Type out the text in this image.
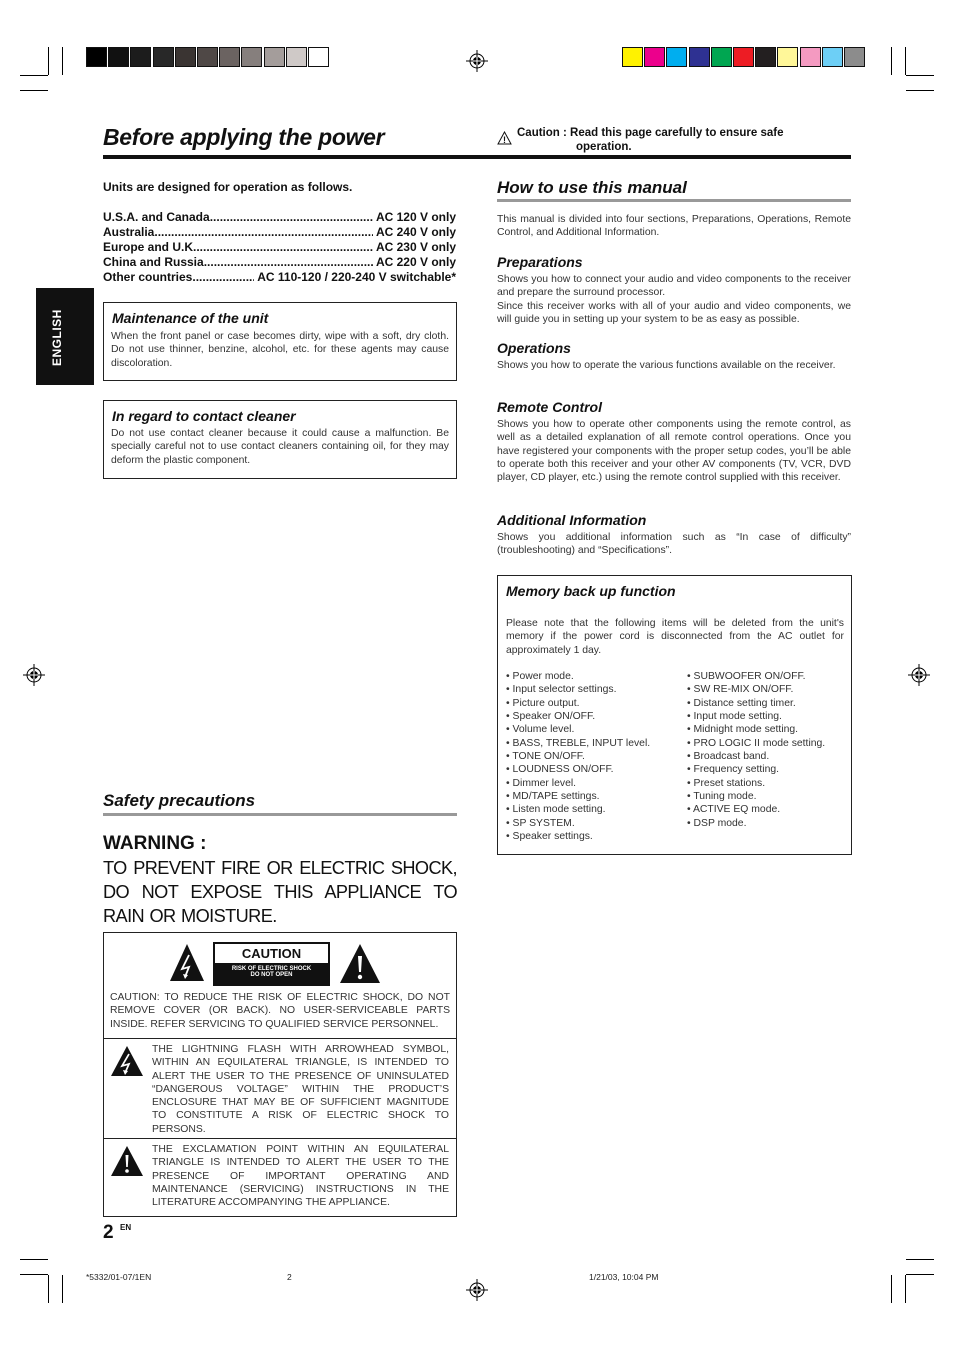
Before applying the power	!
Caution : Read this page carefully to ensure safe
operation.
ENGLISH
Units are designed for operation as follows.
U.S.A. and Canada .....	AC 120 V only
Australia .....	AC 240 V only
Europe and U.K. .....	AC 230 V only
China and Russia .....	AC 220 V only
Other countries .....	AC 110-120 / 220-240 V switchable*
Maintenance of the unit
When the front panel or case becomes dirty, wipe with a soft, dry cloth. Do not use thinner, benzine, alcohol, etc. for these agents may cause discoloration.
In regard to contact cleaner
Do not use contact cleaner because it could cause a malfunction. Be specially careful not to use contact cleaners containing oil, for they may deform the plastic component.
Safety precautions
WARNING :
TO PREVENT FIRE OR ELECTRIC SHOCK, DO NOT EXPOSE THIS APPLIANCE TO RAIN OR MOISTURE.
CAUTION
RISK OF ELECTRIC SHOCK
DO NOT OPEN
CAUTION: TO REDUCE THE RISK OF ELECTRIC SHOCK, DO NOT REMOVE COVER (OR BACK). NO USER-SERVICEABLE PARTS INSIDE. REFER SERVICING TO QUALIFIED SERVICE PERSONNEL.
THE LIGHTNING FLASH WITH ARROWHEAD SYMBOL, WITHIN AN EQUILATERAL TRIANGLE, IS INTENDED TO ALERT THE USER TO THE PRESENCE OF UNINSULATED “DANGEROUS VOLTAGE” WITHIN THE PRODUCT’S ENCLOSURE THAT MAY BE OF SUFFICIENT MAGNITUDE TO CONSTITUTE A RISK OF ELECTRIC SHOCK TO PERSONS.
THE EXCLAMATION POINT WITHIN AN EQUILATERAL TRIANGLE IS INTENDED TO ALERT THE USER TO THE PRESENCE OF IMPORTANT OPERATING AND MAINTENANCE (SERVICING) INSTRUCTIONS IN THE LITERATURE ACCOMPANYING THE APPLIANCE.
How to use this manual
This manual is divided into four sections, Preparations, Operations, Remote Control, and Additional Information.
Preparations
Shows you how to connect your audio and video components to the receiver and prepare the surround processor.
Since this receiver works with all of your audio and video components, we will guide you in setting up your system to be as easy as possible.
Operations
Shows you how to operate the various functions available on the receiver.
Remote Control
Shows you how to operate other components using the remote control, as well as a detailed explanation of all remote control operations. Once you have registered your components with the proper setup codes, you’ll be able to operate both this receiver and your other AV components (TV, VCR, DVD player, CD player, etc.) using the remote control supplied with this receiver.
Additional Information
Shows you additional information such as “In case of difficulty” (troubleshooting) and “Specifications”.
Memory back up function
Please note that the following items will be deleted from the unit's memory if the power cord is disconnected from the AC outlet for approximately 1 day.
• Power mode.
• Input selector settings.
• Picture output.
• Speaker ON/OFF.
• Volume level.
• BASS, TREBLE, INPUT level.
• TONE ON/OFF.
• LOUDNESS ON/OFF.
• Dimmer level.
• MD/TAPE settings.
• Listen mode setting.
• SP SYSTEM.
• Speaker settings.
• SUBWOOFER ON/OFF.
• SW RE-MIX ON/OFF.
• Distance setting timer.
• Input mode setting.
• Midnight mode setting.
• PRO LOGIC II mode setting.
• Broadcast band.
• Frequency setting.
• Preset stations.
• Tuning mode.
• ACTIVE EQ mode.
• DSP mode.
2 $^{EN}$
*5332/01-07/1EN	2	1/21/03, 10:04 PM
